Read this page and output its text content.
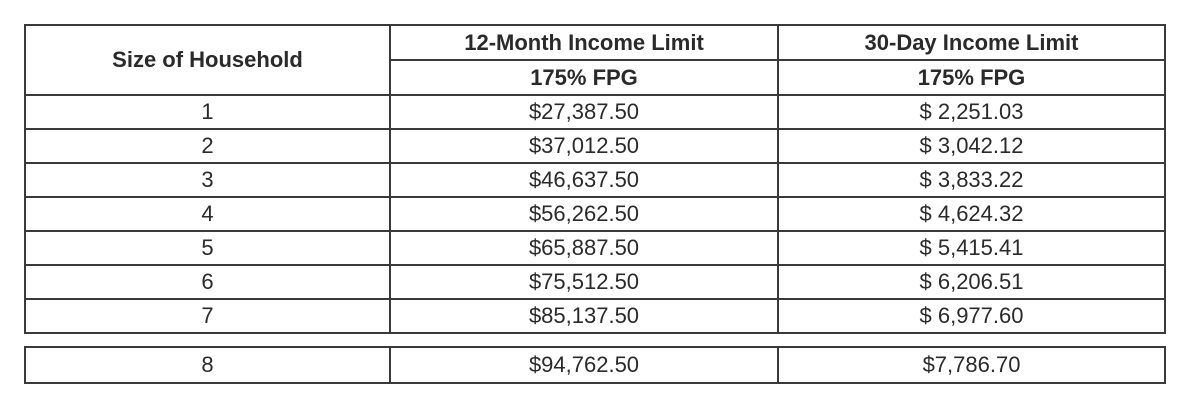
Size of Household	12-Month Income Limit	30-Day Income Limit
	175% FPG	175% FPG
1	$27,387.50	$ 2,251.03
2	$37,012.50	$ 3,042.12
3	$46,637.50	$ 3,833.22
4	$56,262.50	$ 4,624.32
5	$65,887.50	$ 5,415.41
6	$75,512.50	$ 6,206.51
7	$85,137.50	$ 6,977.60
8	$94,762.50	$7,786.70
